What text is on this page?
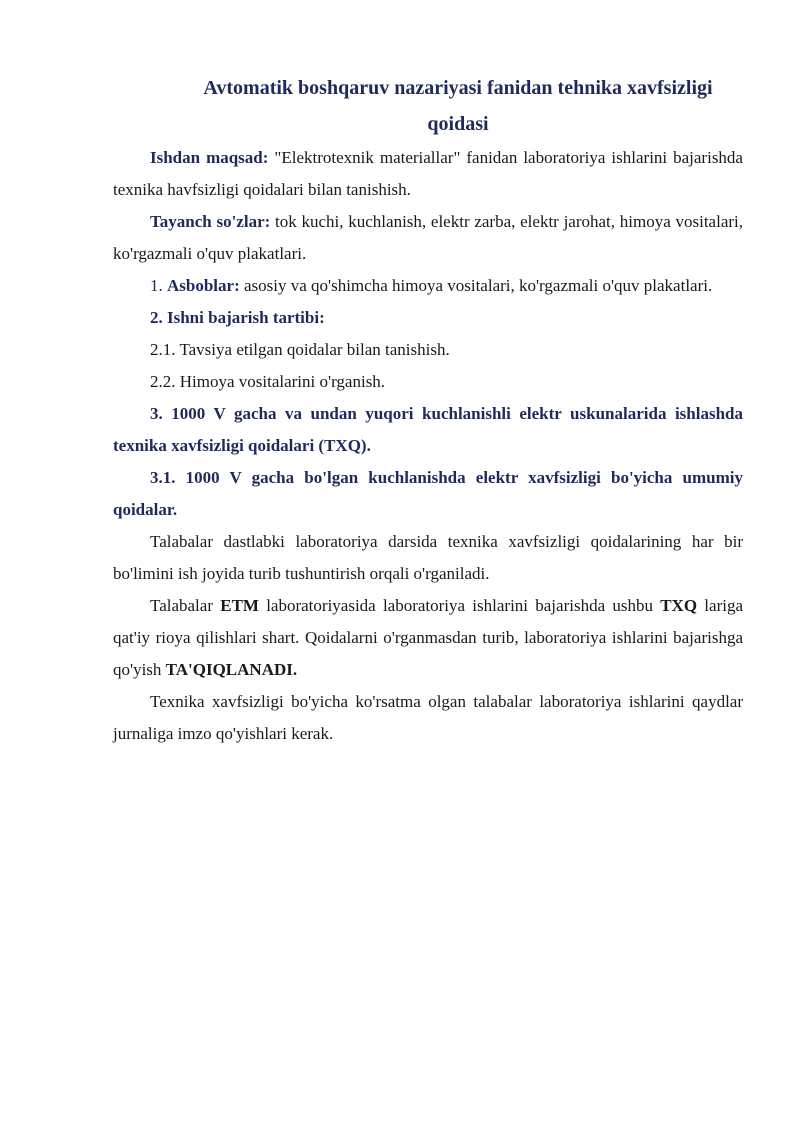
Avtomatik boshqaruv nazariyasi fanidan tehnika xavfsizligi
qoidasi

Ishdan maqsad: "Elektrotexnik materiallar" fanidan laboratoriya ishlarini bajarishda texnika havfsizligi qoidalari bilan tanishish.

Tayanch so'zlar: tok kuchi, kuchlanish, elektr zarba, elektr jarohat, himoya vositalari, ko'rgazmali o'quv plakatlari.

1. Asboblar: asosiy va qo'shimcha himoya vositalari, ko'rgazmali o'quv plakatlari.

2. Ishni bajarish tartibi:

2.1. Tavsiya etilgan qoidalar bilan tanishish.

2.2. Himoya vositalarini o'rganish.

3. 1000 V gacha va undan yuqori kuchlanishli elektr uskunalarida ishlashda texnika xavfsizligi qoidalari (TXQ).

3.1. 1000 V gacha bo'lgan kuchlanishda elektr xavfsizligi bo'yicha umumiy qoidalar.

Talabalar dastlabki laboratoriya darsida texnika xavfsizligi qoidalarining har bir bo'limini ish joyida turib tushuntirish orqali o'rganiladi.

Talabalar ETM laboratoriyasida laboratoriya ishlarini bajarishda ushbu TXQ lariga qat'iy rioya qilishlari shart. Qoidalarni o'rganmasdan turib, laboratoriya ishlarini bajarishga qo'yish TA'QIQLANADI.

Texnika xavfsizligi bo'yicha ko'rsatma olgan talabalar laboratoriya ishlarini qaydlar jurnaliga imzo qo'yishlari kerak.
